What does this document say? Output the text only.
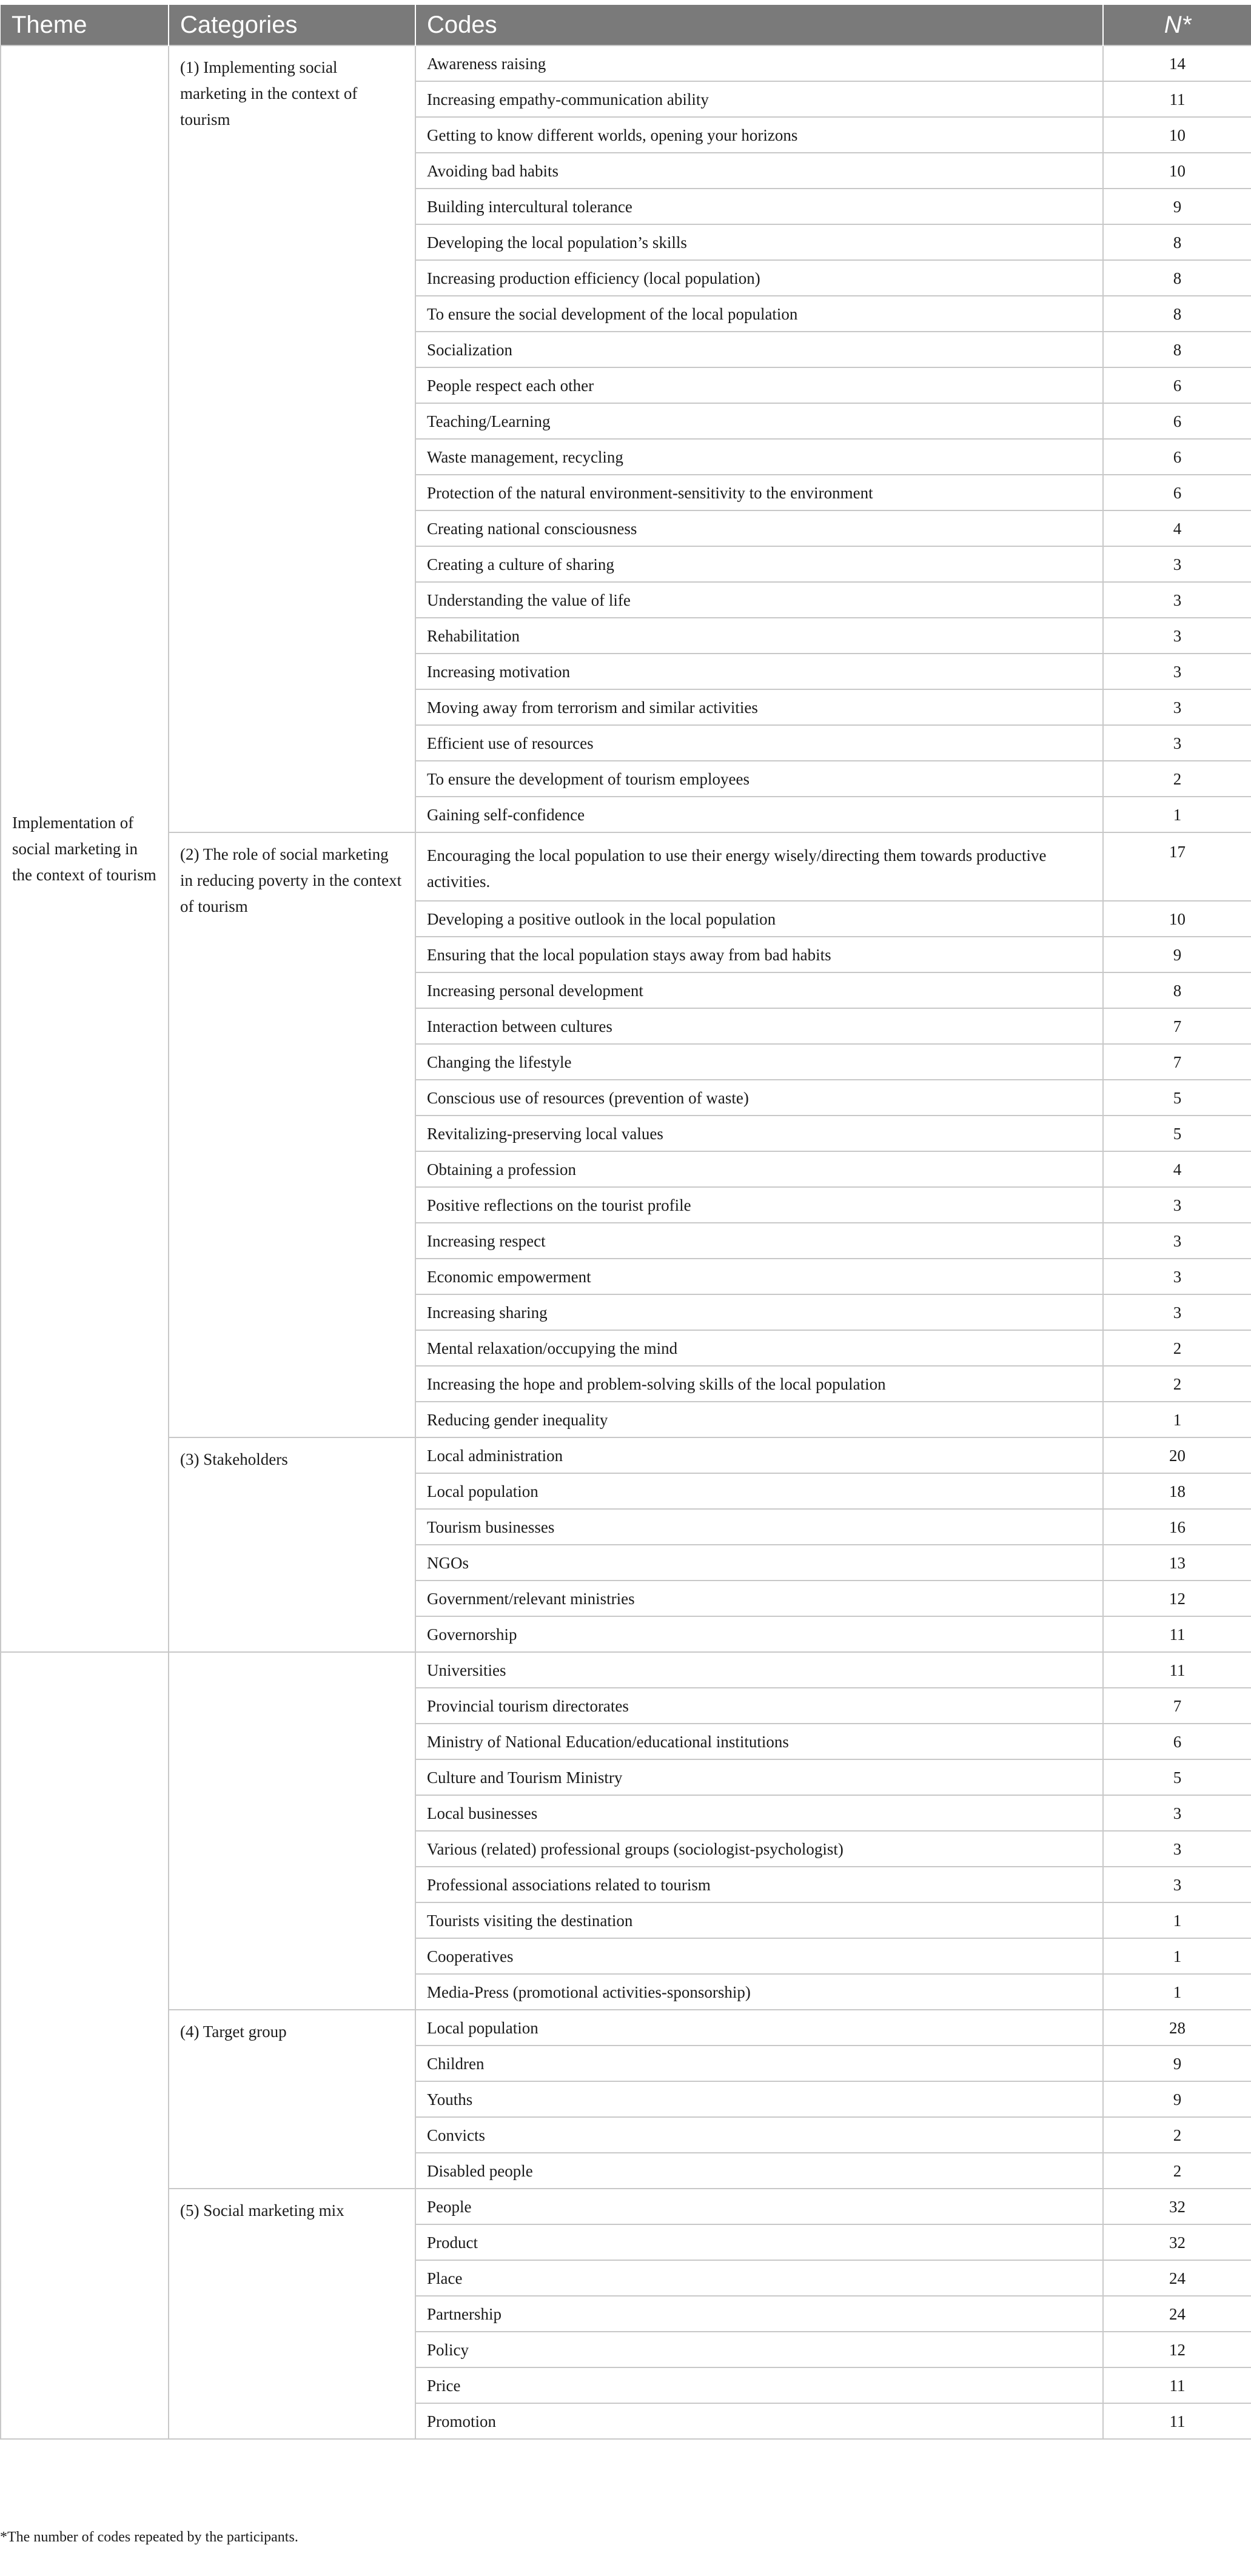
Theme	Categories	Codes	N*
Implementation of social marketing in the context of tourism	(1) Implementing social marketing in the context of tourism	Awareness raising	14
		Increasing empathy-communication ability	11
		Getting to know different worlds, opening your horizons	10
		Avoiding bad habits	10
		Building intercultural tolerance	9
		Developing the local population’s skills	8
		Increasing production efficiency (local population)	8
		To ensure the social development of the local population	8
		Socialization	8
		People respect each other	6
		Teaching/Learning	6
		Waste management, recycling	6
		Protection of the natural environment-sensitivity to the environment	6
		Creating national consciousness	4
		Creating a culture of sharing	3
		Understanding the value of life	3
		Rehabilitation	3
		Increasing motivation	3
		Moving away from terrorism and similar activities	3
		Efficient use of resources	3
		To ensure the development of tourism employees	2
		Gaining self-confidence	1
	(2) The role of social marketing in reducing poverty in the context of tourism	Encouraging the local population to use their energy wisely/directing them towards productive activities.	17
		Developing a positive outlook in the local population	10
		Ensuring that the local population stays away from bad habits	9
		Increasing personal development	8
		Interaction between cultures	7
		Changing the lifestyle	7
		Conscious use of resources (prevention of waste)	5
		Revitalizing-preserving local values	5
		Obtaining a profession	4
		Positive reflections on the tourist profile	3
		Increasing respect	3
		Economic empowerment	3
		Increasing sharing	3
		Mental relaxation/occupying the mind	2
		Increasing the hope and problem-solving skills of the local population	2
		Reducing gender inequality	1
	(3) Stakeholders	Local administration	20
		Local population	18
		Tourism businesses	16
		NGOs	13
		Government/relevant ministries	12
		Governorship	11
		Universities	11
		Provincial tourism directorates	7
		Ministry of National Education/educational institutions	6
		Culture and Tourism Ministry	5
		Local businesses	3
		Various (related) professional groups (sociologist-psychologist)	3
		Professional associations related to tourism	3
		Tourists visiting the destination	1
		Cooperatives	1
		Media-Press (promotional activities-sponsorship)	1
	(4) Target group	Local population	28
		Children	9
		Youths	9
		Convicts	2
		Disabled people	2
	(5) Social marketing mix	People	32
		Product	32
		Place	24
		Partnership	24
		Policy	12
		Price	11
		Promotion	11
*The number of codes repeated by the participants.
